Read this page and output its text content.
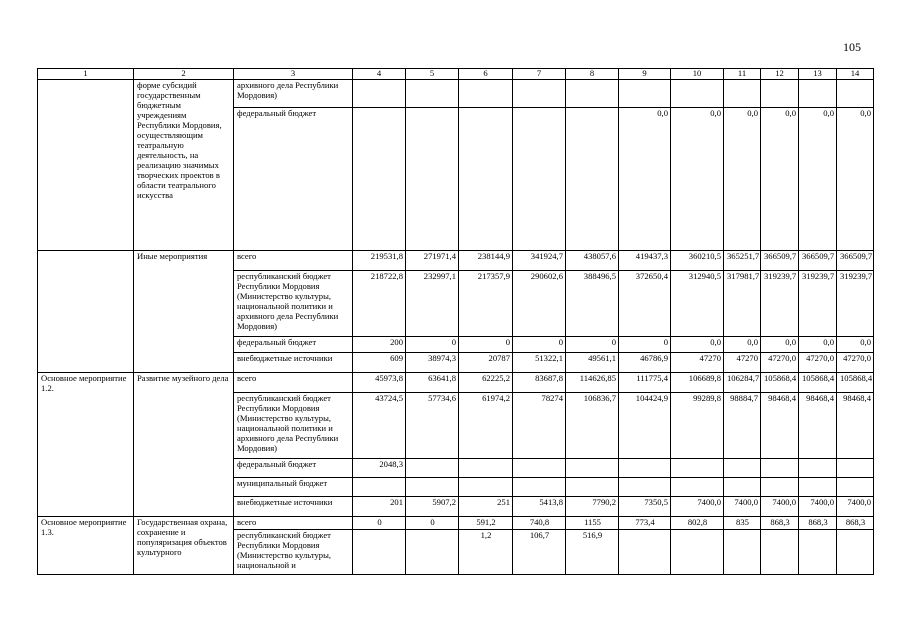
105
1	2	3	4	5	6	7	8	9	10	11	12	13	14
	форме субсидий государственным бюджетным учреждениям Республики Мордовия, осуществляющим театральную деятельность, на реализацию значимых творческих проектов в области театрального искусства	архивного дела Республики Мордовия)											
		федеральный бюджет						0,0	0,0	0,0	0,0	0,0	0,0
	Иные мероприятия	всего	219531,8	271971,4	238144,9	341924,7	438057,6	419437,3	360210,5	365251,7	366509,7	366509,7	366509,7
		республиканский бюджет Республики Мордовия (Министерство культуры, национальной политики и архивного дела Республики Мордовия)	218722,8	232997,1	217357,9	290602,6	388496,5	372650,4	312940,5	317981,7	319239,7	319239,7	319239,7
		федеральный бюджет	200	0	0	0	0	0	0,0	0,0	0,0	0,0	0,0
		внебюджетные источники	609	38974,3	20787	51322,1	49561,1	46786,9	47270	47270	47270,0	47270,0	47270,0
Основное мероприятие 1.2.	Развитие музейного дела	всего	45973,8	63641,8	62225,2	83687,8	114626,85	111775,4	106689,8	106284,7	105868,4	105868,4	105868,4
		республиканский бюджет Республики Мордовия (Министерство культуры, национальной политики и архивного дела Республики Мордовия)	43724,5	57734,6	61974,2	78274	106836,7	104424,9	99289,8	98884,7	98468,4	98468,4	98468,4
		федеральный бюджет	2048,3										
		муниципальный бюджет											
		внебюджетные источники	201	5907,2	251	5413,8	7790,2	7350,5	7400,0	7400,0	7400,0	7400,0	7400,0
Основное мероприятие 1.3.	Государственная охрана, сохранение и популяризация объектов культурного	всего	0	0	591,2	740,8	1155	773,4	802,8	835	868,3	868,3	868,3
		республиканский бюджет Республики Мордовия (Министерство культуры, национальной и			1,2	106,7	516,9						
